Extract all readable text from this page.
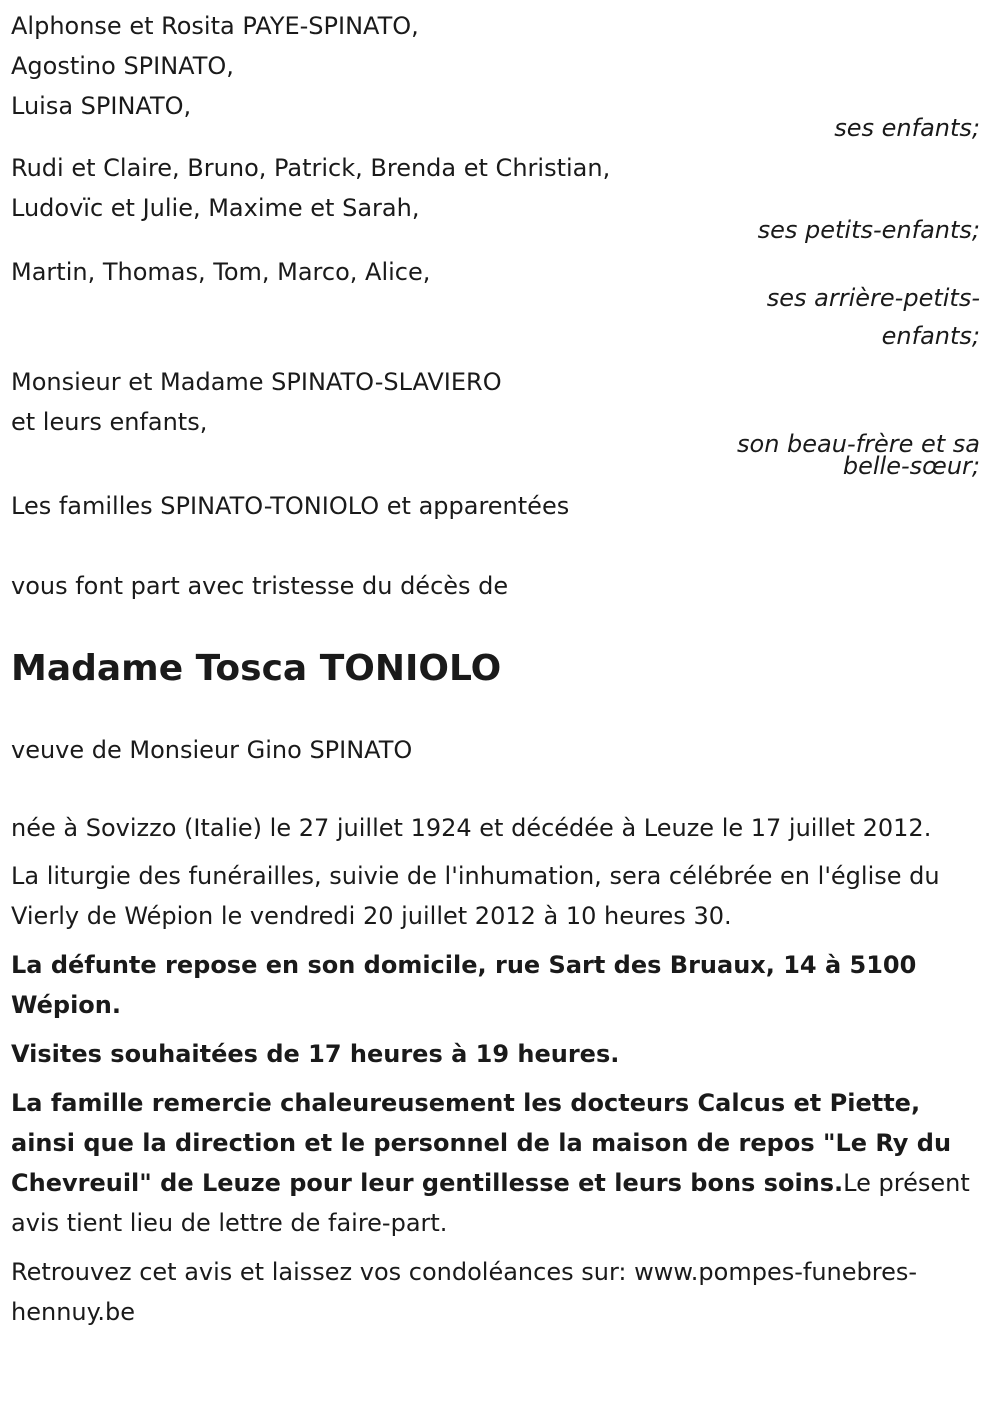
Alphonse et Rosita PAYE-SPINATO,
Agostino SPINATO,
Luisa SPINATO,
ses enfants;
Rudi et Claire, Bruno, Patrick, Brenda et Christian,
Ludovïc et Julie, Maxime et Sarah,
ses petits-enfants;
Martin, Thomas, Tom, Marco, Alice,
ses arrière-petits-
enfants;
Monsieur et Madame SPINATO-SLAVIERO
et leurs enfants,
son beau-frère et sa
belle-sœur;
Les familles SPINATO-TONIOLO et apparentées
vous font part avec tristesse du décès de
Madame Tosca TONIOLO
veuve de Monsieur Gino SPINATO
née à Sovizzo (Italie) le 27 juillet 1924 et décédée à Leuze le 17 juillet 2012.
La liturgie des funérailles, suivie de l'inhumation, sera célébrée en l'église du Vierly de Wépion le vendredi 20 juillet 2012 à 10 heures 30.
La défunte repose en son domicile, rue Sart des Bruaux, 14 à 5100 Wépion.
Visites souhaitées de 17 heures à 19 heures.
La famille remercie chaleureusement les docteurs Calcus et Piette, ainsi que la direction et le personnel de la maison de repos "Le Ry du Chevreuil" de Leuze pour leur gentillesse et leurs bons soins.Le présent avis tient lieu de lettre de faire-part.
Retrouvez cet avis et laissez vos condoléances sur: www.pompes-funebres-hennuy.be
